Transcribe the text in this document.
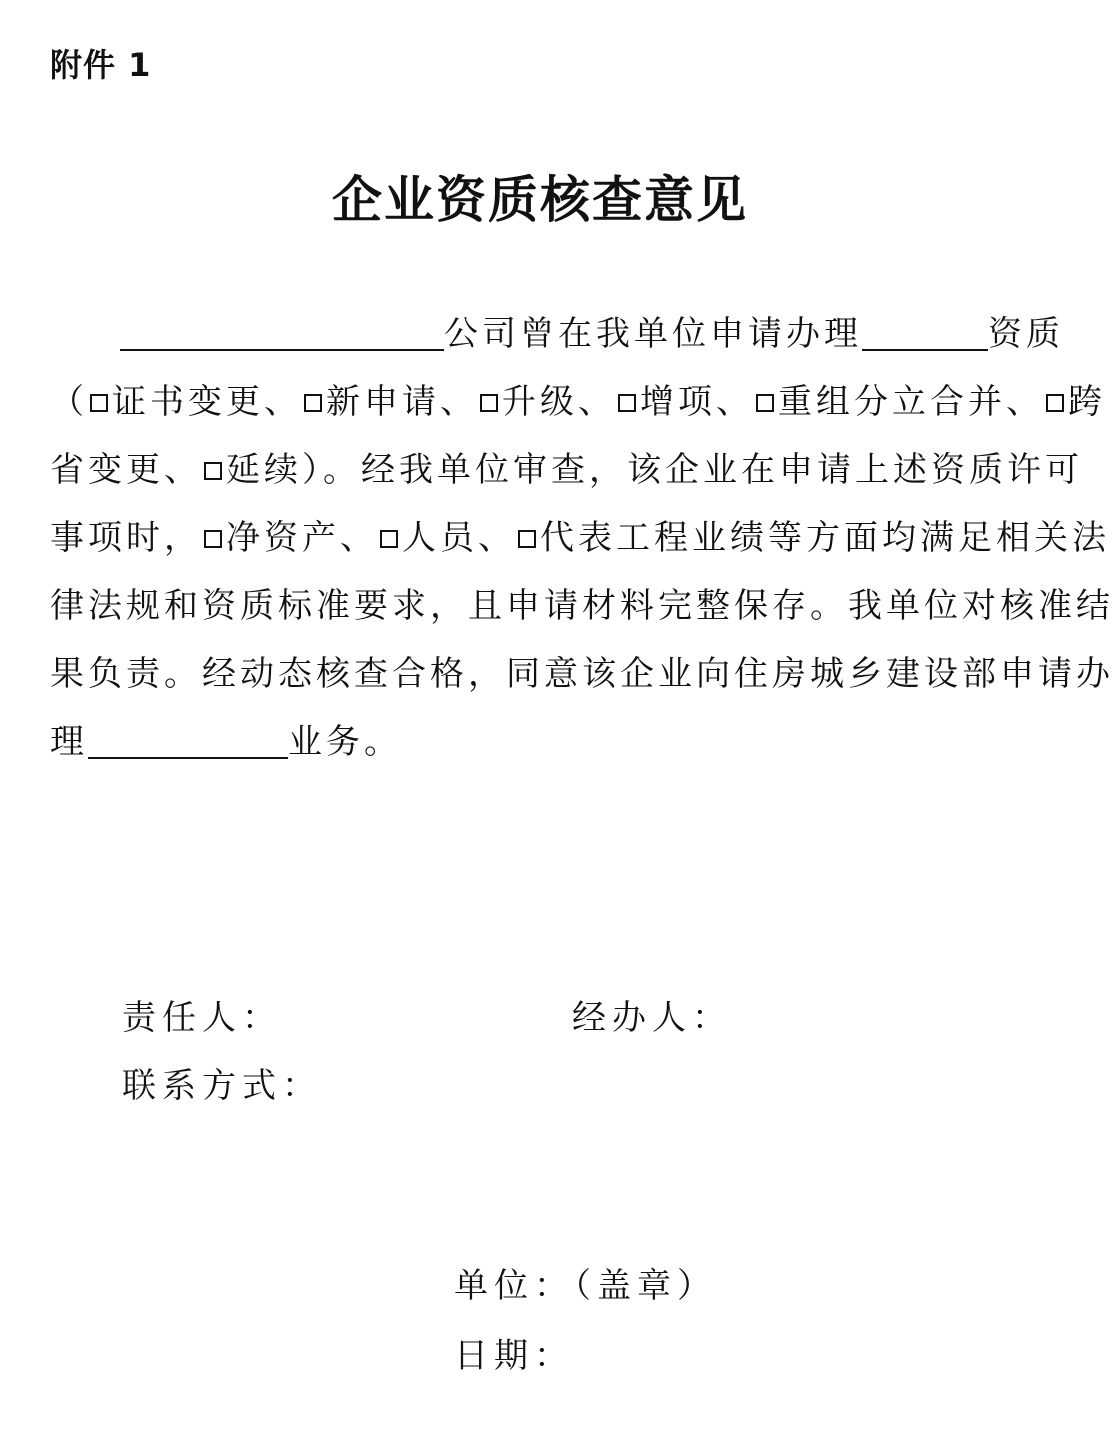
附件 1
企业资质核查意见
公司曾在我单位申请办理	资质
（ 证书变更、 新申请、 升级、 增项、 重组分立合并、 跨
省变更、 延续）。经我单位审查，该企业在申请上述资质许可
事项时， 净资产、 人员、 代表工程业绩等方面均满足相关法
律法规和资质标准要求，且申请材料完整保存。我单位对核准结
果负责。经动态核查合格，同意该企业向住房城乡建设部申请办
理	业务。
责任人：	经办人：
联系方式：
单位：（盖章）
日期：
